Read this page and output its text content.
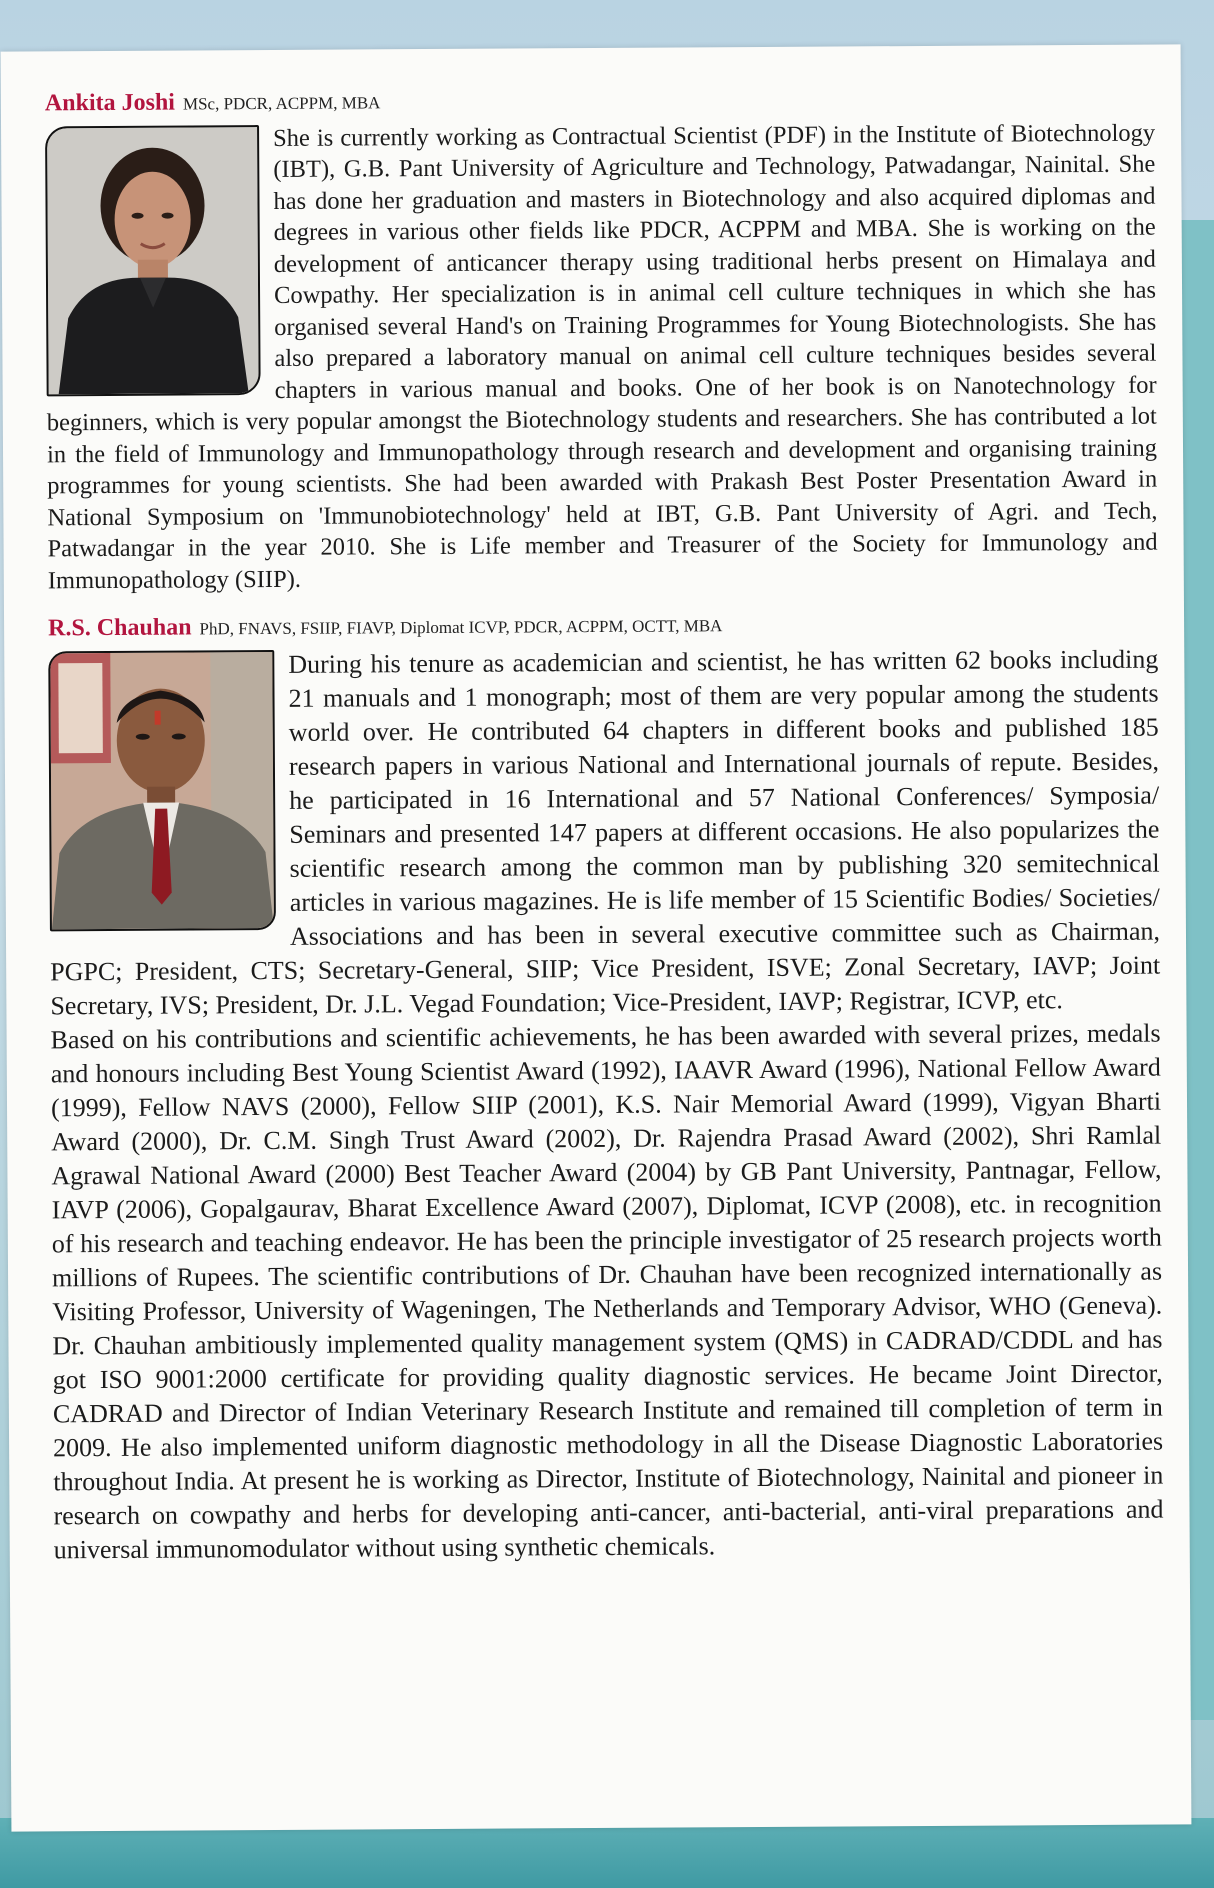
Ankita Joshi MSc, PDCR, ACPPM, MBA

She is currently working as Contractual Scientist (PDF) in the Institute of Biotechnology (IBT), G.B. Pant University of Agriculture and Technology, Patwadangar, Nainital. She has done her graduation and masters in Biotechnology and also acquired diplomas and degrees in various other fields like PDCR, ACPPM and MBA. She is working on the development of anticancer therapy using traditional herbs present on Himalaya and Cowpathy. Her specialization is in animal cell culture techniques in which she has organised several Hand's on Training Programmes for Young Biotechnologists. She has also prepared a laboratory manual on animal cell culture techniques besides several chapters in various manual and books. One of her book is on Nanotechnology for beginners, which is very popular amongst the Biotechnology students and researchers. She has contributed a lot in the field of Immunology and Immunopathology through research and development and organising training programmes for young scientists. She had been awarded with Prakash Best Poster Presentation Award in National Symposium on 'Immunobiotechnology' held at IBT, G.B. Pant University of Agri. and Tech, Patwadangar in the year 2010. She is Life member and Treasurer of the Society for Immunology and Immunopathology (SIIP).

R.S. Chauhan PhD, FNAVS, FSIIP, FIAVP, Diplomat ICVP, PDCR, ACPPM, OCTT, MBA

During his tenure as academician and scientist, he has written 62 books including 21 manuals and 1 monograph; most of them are very popular among the students world over. He contributed 64 chapters in different books and published 185 research papers in various National and International journals of repute. Besides, he participated in 16 International and 57 National Conferences/ Symposia/ Seminars and presented 147 papers at different occasions. He also popularizes the scientific research among the common man by publishing 320 semitechnical articles in various magazines. He is life member of 15 Scientific Bodies/ Societies/ Associations and has been in several executive committee such as Chairman, PGPC; President, CTS; Secretary-General, SIIP; Vice President, ISVE; Zonal Secretary, IAVP; Joint Secretary, IVS; President, Dr. J.L. Vegad Foundation; Vice-President, IAVP; Registrar, ICVP, etc.

Based on his contributions and scientific achievements, he has been awarded with several prizes, medals and honours including Best Young Scientist Award (1992), IAAVR Award (1996), National Fellow Award (1999), Fellow NAVS (2000), Fellow SIIP (2001), K.S. Nair Memorial Award (1999), Vigyan Bharti Award (2000), Dr. C.M. Singh Trust Award (2002), Dr. Rajendra Prasad Award (2002), Shri Ramlal Agrawal National Award (2000) Best Teacher Award (2004) by GB Pant University, Pantnagar, Fellow, IAVP (2006), Gopalgaurav, Bharat Excellence Award (2007), Diplomat, ICVP (2008), etc. in recognition of his research and teaching endeavor. He has been the principle investigator of 25 research projects worth millions of Rupees. The scientific contributions of Dr. Chauhan have been recognized internationally as Visiting Professor, University of Wageningen, The Netherlands and Temporary Advisor, WHO (Geneva). Dr. Chauhan ambitiously implemented quality management system (QMS) in CADRAD/CDDL and has got ISO 9001:2000 certificate for providing quality diagnostic services. He became Joint Director, CADRAD and Director of Indian Veterinary Research Institute and remained till completion of term in 2009. He also implemented uniform diagnostic methodology in all the Disease Diagnostic Laboratories throughout India. At present he is working as Director, Institute of Biotechnology, Nainital and pioneer in research on cowpathy and herbs for developing anti-cancer, anti-bacterial, anti-viral preparations and universal immunomodulator without using synthetic chemicals.
